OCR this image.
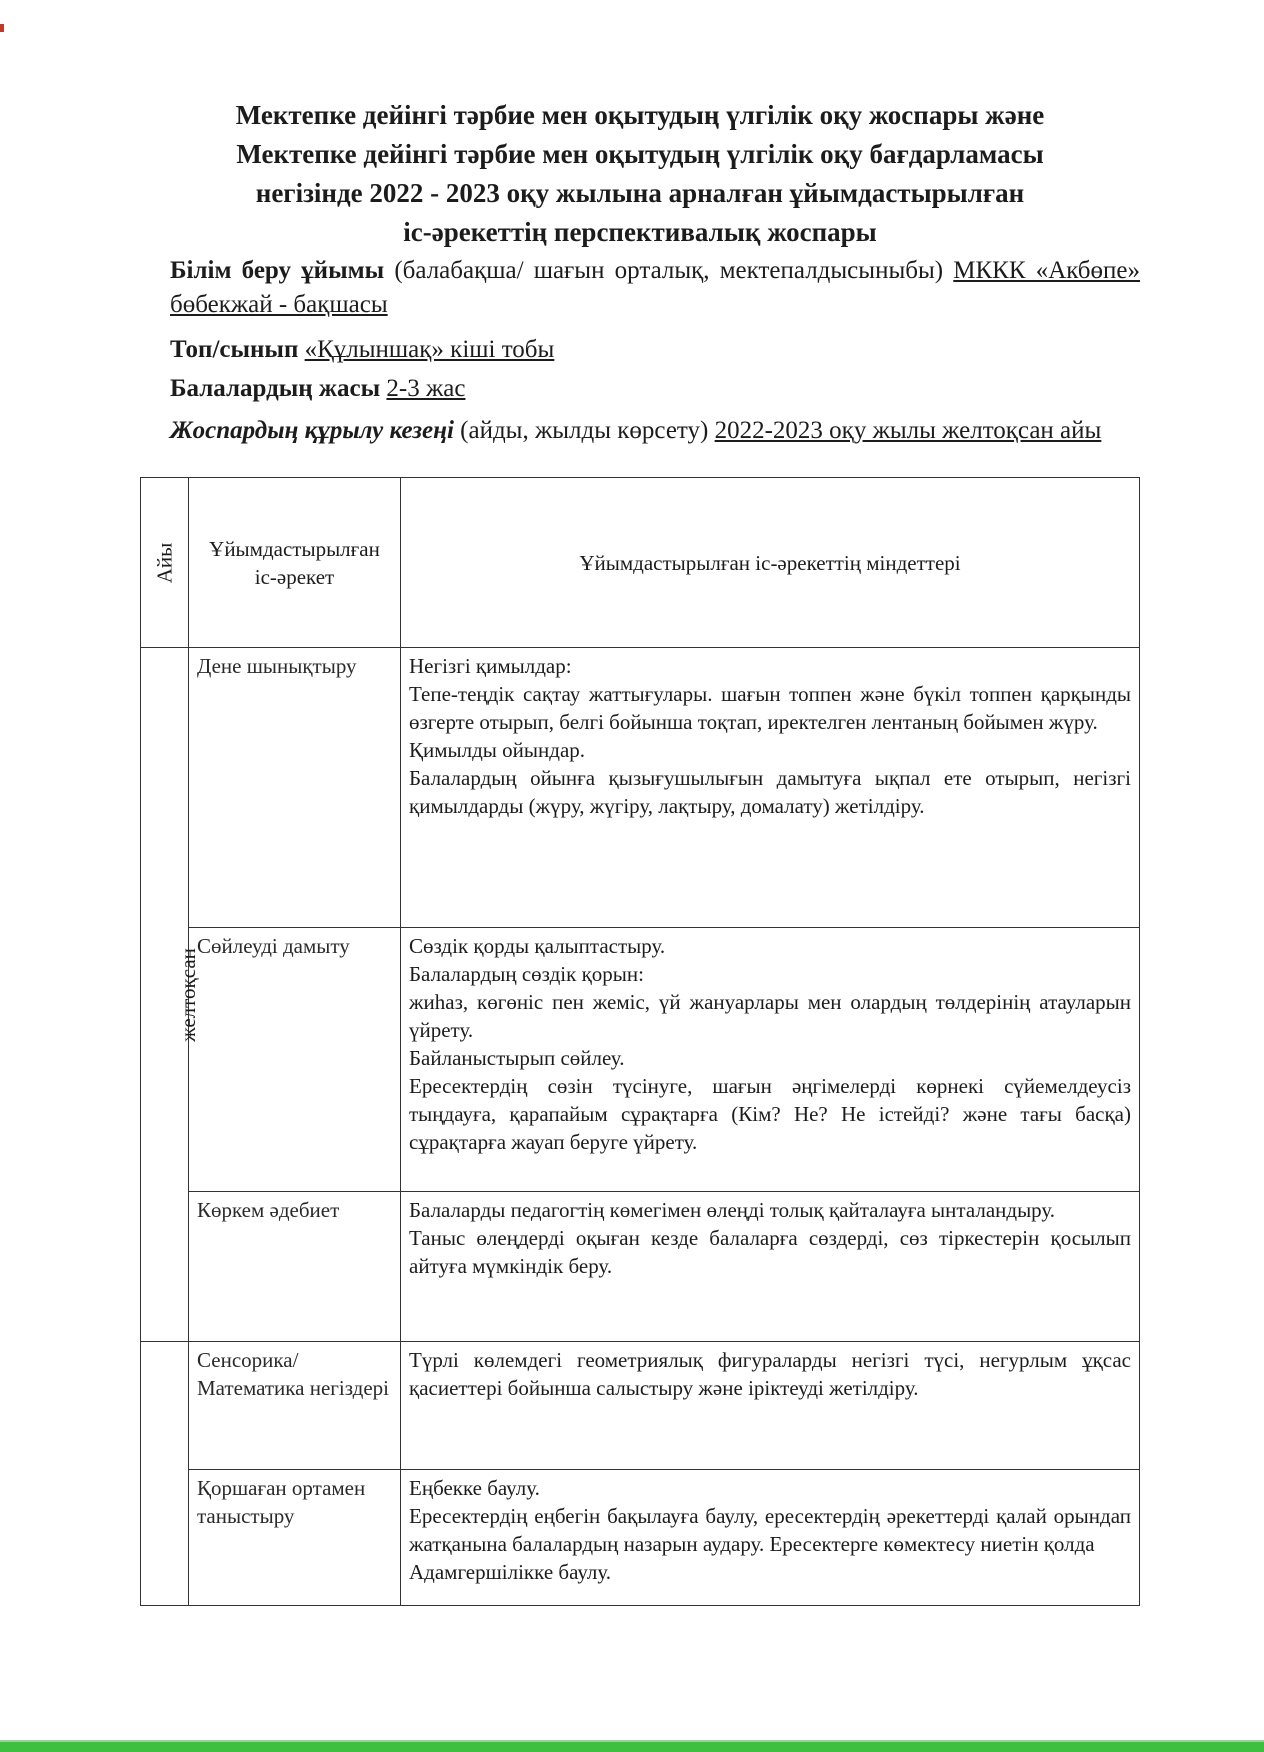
Мектепке дейінгі тәрбие мен оқытудың үлгілік оқу жоспары және
Мектепке дейінгі тәрбие мен оқытудың үлгілік оқу бағдарламасы
негізінде 2022 - 2023 оқу жылына арналған ұйымдастырылған
іс-әрекеттің перспективалық жоспары
Білім беру ұйымы (балабақша/ шағын орталық, мектепалдысыныбы) МККК «Акбөпе» бөбекжай - бақшасы
Топ/сынып «Құлыншақ» кіші тобы
Балалардың жасы 2-3 жас
Жоспардың құрылу кезеңі (айды, жылды көрсету) 2022-2023 оқу жылы желтоқсан айы
Айы	Ұйымдастырылған іс-әрекет	Ұйымдастырылған іс-әрекеттің міндеттері
желтоқсан	Дене шынықтыру	Негізгі қимылдар:
Тепе-теңдік сақтау жаттығулары. шағын топпен және бүкіл топпен қарқынды өзгерте отырып, белгі бойынша тоқтап, иректелген лентаның бойымен жүру.
Қимылды ойындар.
Балалардың ойынға қызығушылығын дамытуға ықпал ете отырып, негізгі қимылдарды (жүру, жүгіру, лақтыру, домалату) жетілдіру.

	Сөйлеуді дамыту	Сөздік қорды қалыптастыру.
Балалардың сөздік қорын:
жиһаз, көгөніс пен жеміс, үй жануарлары мен олардың төлдерінің атауларын үйрету.
Байланыстырып сөйлеу.
Ересектердің сөзін түсінуге, шағын әңгімелерді көрнекі сүйемелдеусіз тыңдауға, қарапайым сұрақтарға (Кім? Не? Не істейді? және тағы басқа) сұрақтарға жауап беруге үйрету.

	Көркем әдебиет	Балаларды педагогтің көмегімен өлеңді толық қайталауға ынталандыру.
Таныс өлеңдерді оқыған кезде балаларға сөздерді, сөз тіркестерін қосылып айтуға мүмкіндік беру.

	Сенсорика/ Математика негіздері	Түрлі көлемдегі геометриялық фигураларды негізгі түсі, негурлым ұқсас қасиеттері бойынша салыстыру және іріктеуді жетілдіру.

	Қоршаған ортамен таныстыру	Еңбекке баулу.
Ересектердің еңбегін бақылауға баулу, ересектердің әрекеттерді қалай орындап жатқанына балалардың назарын аудару. Ересектерге көмектесу ниетін қолда
Адамгершілікке баулу.
